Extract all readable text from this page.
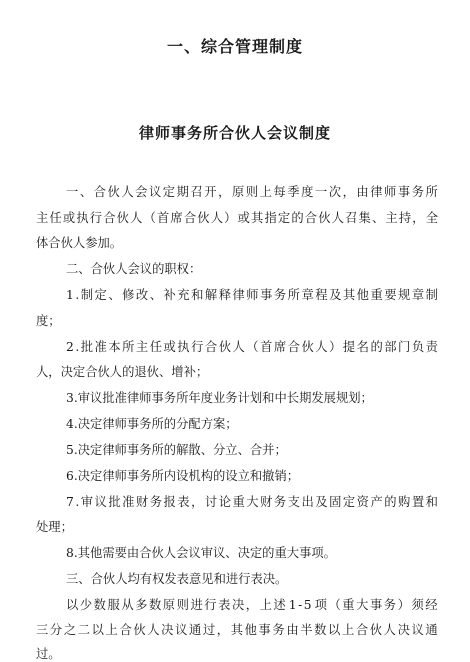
一、综合管理制度
律师事务所合伙人会议制度
一 、 合 伙 人 会 议 定 期 召 开 ， 原 则 上 每 季 度 一 次 ， 由 律 师 事 务 所
主 任 或 执 行 合 伙 人 （ 首 席 合 伙 人 ） 或 其 指 定 的 合 伙 人 召 集 、 主 持 ， 全
体合伙人参加。
二、合伙人会议的职权：
1 . 制 定 、 修 改 、 补 充 和 解 释 律 师 事 务 所 章 程 及 其 他 重 要 规 章 制
度；
2 . 批 准 本 所 主 任 或 执 行 合 伙 人 （ 首 席 合 伙 人 ） 提 名 的 部 门 负 责
人，决定合伙人的退伙、增补；
3.审议批准律师事务所年度业务计划和中长期发展规划；
4.决定律师事务所的分配方案；
5.决定律师事务所的解散、分立、合并；
6.决定律师事务所内设机构的设立和撤销；
7 . 审 议 批 准 财 务 报 表 ， 讨 论 重 大 财 务 支 出 及 固 定 资 产 的 购 置 和
处理；
8.其他需要由合伙人会议审议、决定的重大事项。
三、合伙人均有权发表意见和进行表决。
以 少 数 服 从 多 数 原 则 进 行 表 决 ， 上 述 1 - 5 项 （ 重 大 事 务 ） 须 经
三 分 之 二 以 上 合 伙 人 决 议 通 过 ， 其 他 事 务 由 半 数 以 上 合 伙 人 决 议 通
过。
